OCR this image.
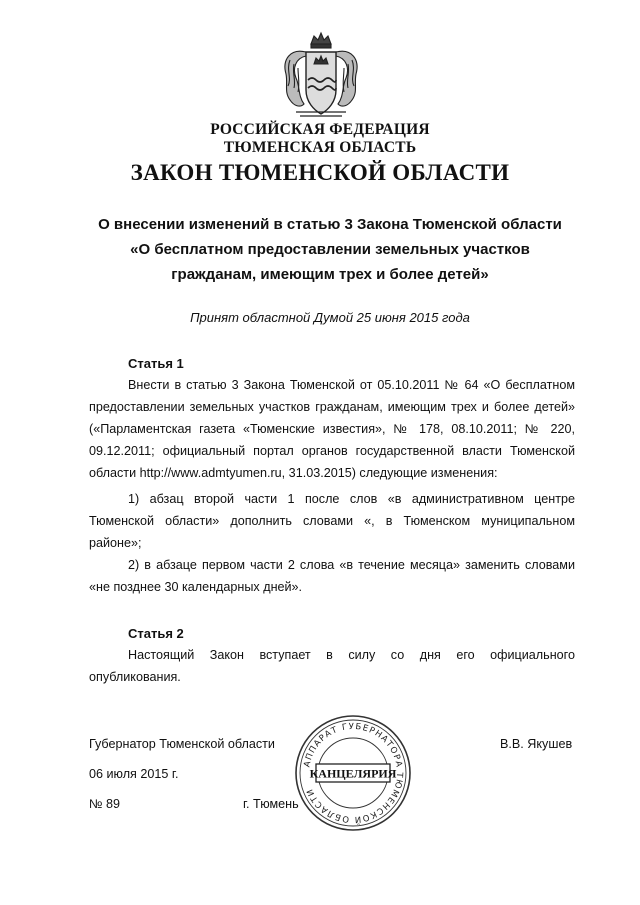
РОССИЙСКАЯ ФЕДЕРАЦИЯ
ТЮМЕНСКАЯ ОБЛАСТЬ
ЗАКОН ТЮМЕНСКОЙ ОБЛАСТИ
О внесении изменений в статью 3 Закона Тюменской области
«О бесплатном предоставлении земельных участков
гражданам, имеющим трех и более детей»
Принят областной Думой 25 июня 2015 года
Статья 1
Внести в статью 3 Закона Тюменской от 05.10.2011 № 64 «О бесплатном
предоставлении земельных участков гражданам, имеющим трех и более детей»
(«Парламентская газета «Тюменские известия», № 178, 08.10.2011; № 220,
09.12.2011; официальный портал органов государственной власти Тюменской
области http://www.admtyumen.ru, 31.03.2015) следующие изменения:
1) абзац второй части 1 после слов «в административном центре
Тюменской области» дополнить словами «, в Тюменском муниципальном
районе»;
2) в абзаце первом части 2 слова «в течение месяца» заменить словами
«не позднее 30 календарных дней».
Статья 2
Настоящий Закон вступает в силу со дня его официального
опубликования.
Губернатор Тюменской области	В.В. Якушев
06 июля 2015 г.
№ 89	г. Тюмень
АППАРАТ ГУБЕРНАТОРА ТЮМЕНСКОЙ ОБЛАСТИ
КАНЦЕЛЯРИЯ
